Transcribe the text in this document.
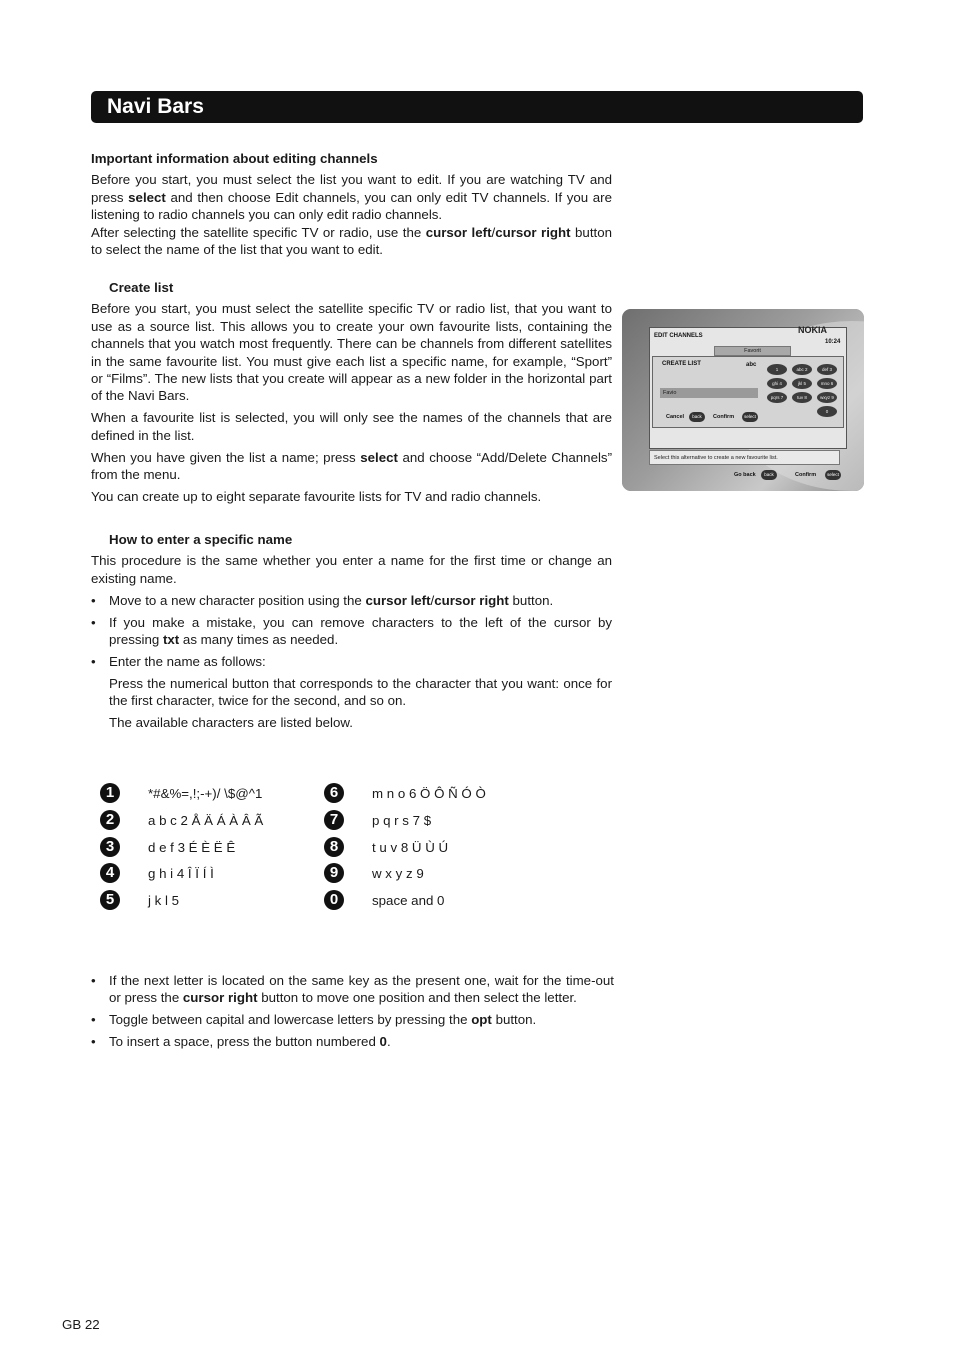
Navi Bars

Important information about editing channels

Before you start, you must select the list you want to edit. If you are watching TV and press select and then choose Edit channels, you can only edit TV channels. If you are listening to radio channels you can only edit radio channels.

After selecting the satellite specific TV or radio, use the cursor left/cursor right button to select the name of the list that you want to edit.

Create list

Before you start, you must select the satellite specific TV or radio list, that you want to use as a source list. This allows you to create your own favourite lists, containing the channels that you watch most frequently. There can be channels from different satellites in the same favourite list. You must give each list a specific name, for example, “Sport” or “Films”. The new lists that you create will appear as a new folder in the horizontal part of the Navi Bars.

When a favourite list is selected, you will only see the names of the channels that are defined in the list.

When you have given the list a name; press select and choose “Add/Delete Channels” from the menu.

You can create up to eight separate favourite lists for TV and radio channels.

EDIT CHANNELS
NOKIA
10:24
Favorit
CREATE LIST	abc
Favio
1	abc 2	def 3
ghi 4	jkl 5	mno 6
pqrs 7	tuv 8	wxyz 9
0
Cancel	back	Confirm	select
Select this alternative to create a new favourite list.
Go back	back	Confirm	select

How to enter a specific name

This procedure is the same whether you enter a name for the first time or change an existing name.

• Move to a new character position using the cursor left/cursor right button.

• If you make a mistake, you can remove characters to the left of the cursor by pressing txt as many times as needed.

• Enter the name as follows:

Press the numerical button that corresponds to the character that you want: once for the first character, twice for the second, and so on.

The available characters are listed below.

1	*#&%=,!;-+)/ \$@^1
2	a b c 2 Å Ä Á À Â Ã
3	d e f 3 É È Ë Ê
4	g h i 4 Î Ï Í Ì
5	j k l 5
6	m n o 6 Ö Ô Ñ Ó Ò
7	p q r s 7 $
8	t u v 8 Ü Ù Ú
9	w x y z 9
0	space and 0
• If the next letter is located on the same key as the present one, wait for the time-out or press the cursor right button to move one position and then select the letter.

• Toggle between capital and lowercase letters by pressing the opt button.

• To insert a space, press the button numbered 0.

GB 22
